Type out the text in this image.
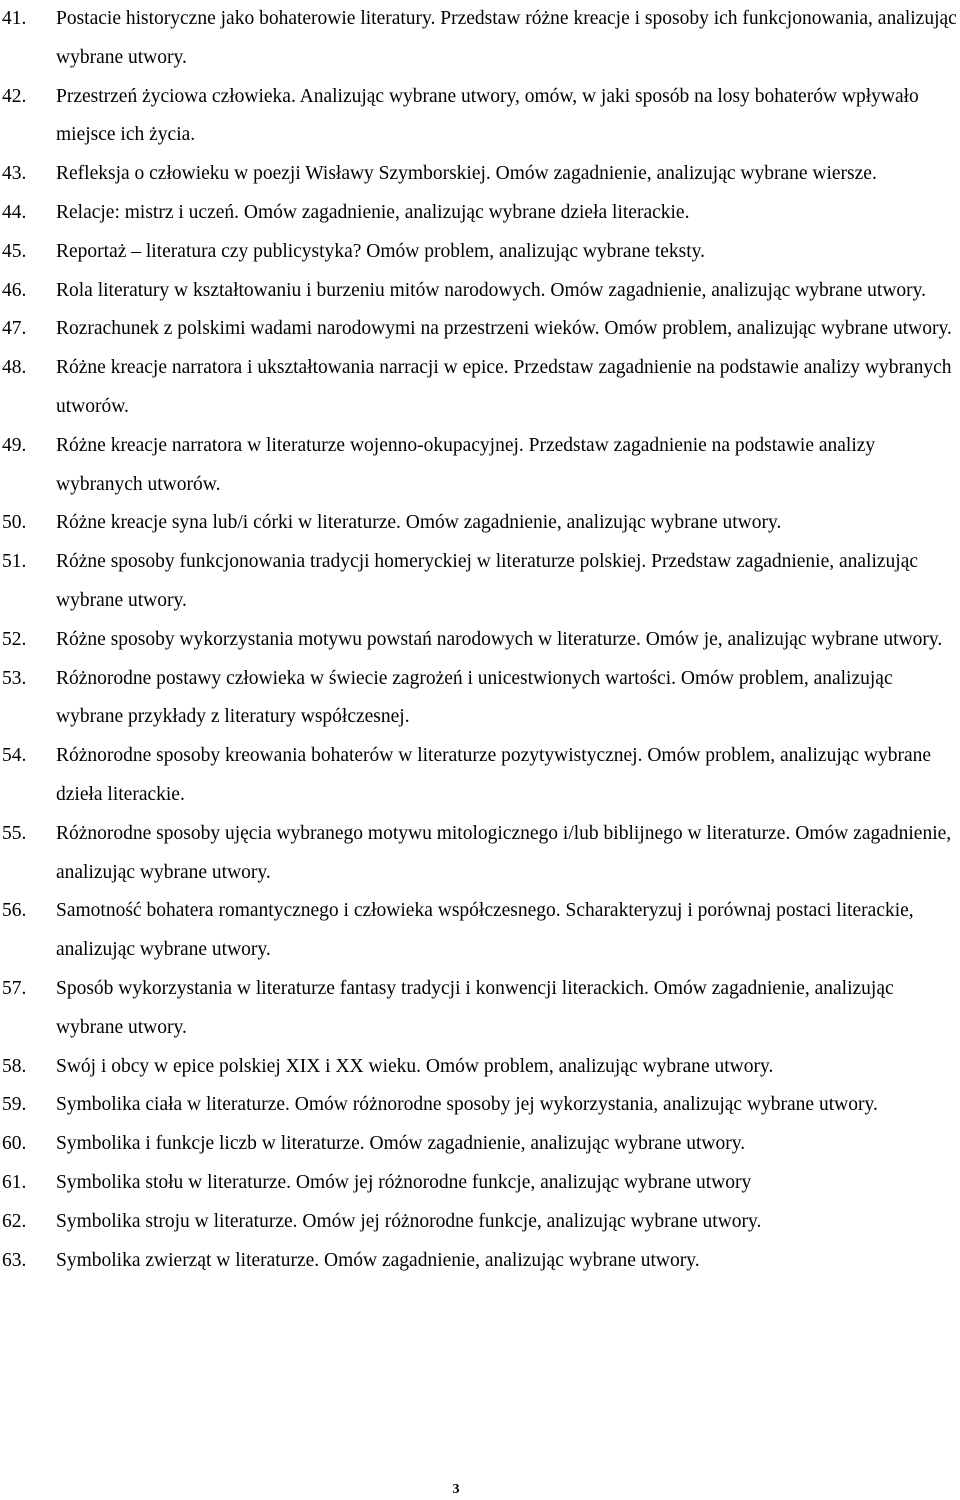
41. Postacie historyczne jako bohaterowie literatury. Przedstaw różne kreacje i sposoby ich funkcjonowania, analizując wybrane utwory.
42. Przestrzeń życiowa człowieka. Analizując wybrane utwory, omów, w jaki sposób na losy bohaterów wpływało miejsce ich życia.
43. Refleksja o człowieku w poezji Wisławy Szymborskiej. Omów zagadnienie, analizując wybrane wiersze.
44. Relacje: mistrz i uczeń. Omów zagadnienie, analizując wybrane dzieła literackie.
45. Reportaż – literatura czy publicystyka? Omów problem, analizując wybrane teksty.
46. Rola literatury w kształtowaniu i burzeniu mitów narodowych. Omów zagadnienie, analizując wybrane utwory.
47. Rozrachunek z polskimi wadami narodowymi na przestrzeni wieków. Omów problem, analizując wybrane utwory.
48. Różne kreacje narratora i ukształtowania narracji w epice. Przedstaw zagadnienie na podstawie analizy wybranych utworów.
49. Różne kreacje narratora w literaturze wojenno-okupacyjnej. Przedstaw zagadnienie na podstawie analizy wybranych utworów.
50. Różne kreacje syna lub/i córki w literaturze. Omów zagadnienie, analizując wybrane utwory.
51. Różne sposoby funkcjonowania tradycji homeryckiej w literaturze polskiej. Przedstaw zagadnienie, analizując wybrane utwory.
52. Różne sposoby wykorzystania motywu powstań narodowych w literaturze. Omów je, analizując wybrane utwory.
53. Różnorodne postawy człowieka w świecie zagrożeń i unicestwionych wartości. Omów problem, analizując wybrane przykłady z literatury współczesnej.
54. Różnorodne sposoby kreowania bohaterów w literaturze pozytywistycznej. Omów problem, analizując wybrane dzieła literackie.
55. Różnorodne sposoby ujęcia wybranego motywu mitologicznego i/lub biblijnego w literaturze. Omów zagadnienie, analizując wybrane utwory.
56. Samotność bohatera romantycznego i człowieka współczesnego. Scharakteryzuj i porównaj postaci literackie, analizując wybrane utwory.
57. Sposób wykorzystania w literaturze fantasy tradycji i konwencji literackich. Omów zagadnienie, analizując wybrane utwory.
58. Swój i obcy w epice polskiej XIX i XX wieku. Omów problem, analizując wybrane utwory.
59. Symbolika ciała w literaturze. Omów różnorodne sposoby jej wykorzystania, analizując wybrane utwory.
60. Symbolika i funkcje liczb w literaturze. Omów zagadnienie, analizując wybrane utwory.
61. Symbolika stołu w literaturze. Omów jej różnorodne funkcje, analizując wybrane utwory
62. Symbolika stroju w literaturze. Omów jej różnorodne funkcje, analizując wybrane utwory.
63. Symbolika zwierząt w literaturze. Omów zagadnienie, analizując wybrane utwory.
3
